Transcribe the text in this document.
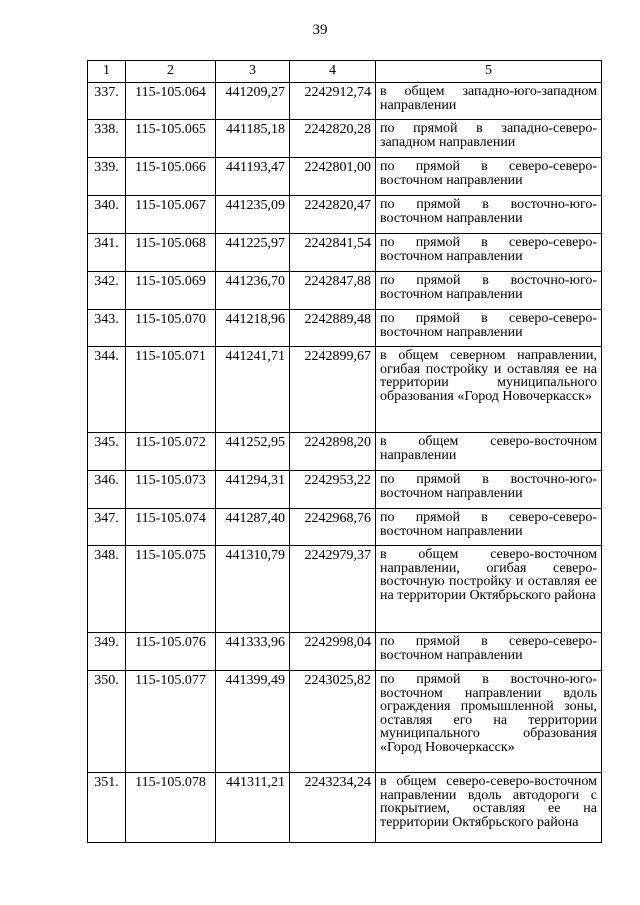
39
1	2	3	4	5
337.	115-105.064	441209,27	2242912,74	в общем западно-юго-западном направлении
338.	115-105.065	441185,18	2242820,28	по прямой в западно-северо-западном направлении
339.	115-105.066	441193,47	2242801,00	по прямой в северо-северо-восточном направлении
340.	115-105.067	441235,09	2242820,47	по прямой в восточно-юго-восточном направлении
341.	115-105.068	441225,97	2242841,54	по прямой в северо-северо-восточном направлении
342.	115-105.069	441236,70	2242847,88	по прямой в восточно-юго-восточном направлении
343.	115-105.070	441218,96	2242889,48	по прямой в северо-северо-восточном направлении
344.	115-105.071	441241,71	2242899,67	в общем северном направлении, огибая постройку и оставляя ее на территории муниципального образования «Город Новочеркасск»
345.	115-105.072	441252,95	2242898,20	в общем северо-восточном направлении
346.	115-105.073	441294,31	2242953,22	по прямой в восточно-юго-восточном направлении
347.	115-105.074	441287,40	2242968,76	по прямой в северо-северо-восточном направлении
348.	115-105.075	441310,79	2242979,37	в общем северо-восточном направлении, огибая северо-восточную постройку и оставляя ее на территории Октябрьского района
349.	115-105.076	441333,96	2242998,04	по прямой в северо-северо-восточном направлении
350.	115-105.077	441399,49	2243025,82	по прямой в восточно-юго-восточном направлении вдоль ограждения промышленной зоны, оставляя его на территории муниципального образования «Город Новочеркасск»
351.	115-105.078	441311,21	2243234,24	в общем северо-северо-восточном направлении вдоль автодороги с покрытием, оставляя ее на территории Октябрьского района
